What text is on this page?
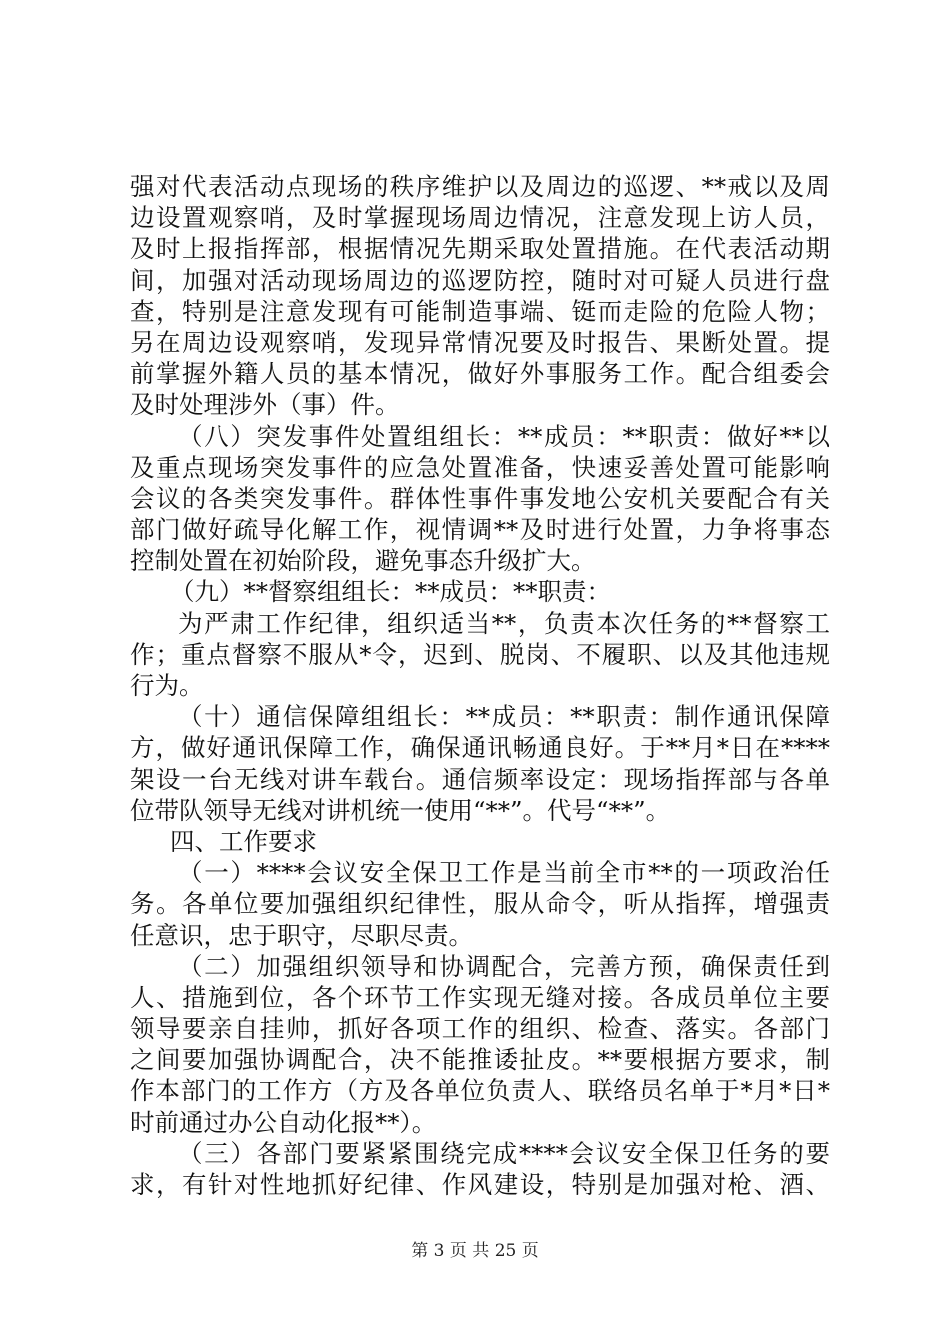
强对代表活动点现场的秩序维护以及周边的巡逻、**戒以及周
边设置观察哨，及时掌握现场周边情况，注意发现上访人员，
及时上报指挥部，根据情况先期采取处置措施。在代表活动期
间，加强对活动现场周边的巡逻防控，随时对可疑人员进行盘
查，特别是注意发现有可能制造事端、铤而走险的危险人物；
另在周边设观察哨，发现异常情况要及时报告、果断处置。提
前掌握外籍人员的基本情况，做好外事服务工作。配合组委会
及时处理涉外（事）件。
（八）突发事件处置组组长：**成员：**职责：做好**以
及重点现场突发事件的应急处置准备，快速妥善处置可能影响
会议的各类突发事件。群体性事件事发地公安机关要配合有关
部门做好疏导化解工作，视情调**及时进行处置，力争将事态
控制处置在初始阶段，避免事态升级扩大。
（九）**督察组组长：**成员：**职责：
为严肃工作纪律，组织适当**，负责本次任务的**督察工
作；重点督察不服从*令，迟到、脱岗、不履职、以及其他违规
行为。
（十）通信保障组组长：**成员：**职责：制作通讯保障
方，做好通讯保障工作，确保通讯畅通良好。于**月*日在****
架设一台无线对讲车载台。通信频率设定：现场指挥部与各单
位带队领导无线对讲机统一使用“**”。代号“**”。
四、工作要求
（一）****会议安全保卫工作是当前全市**的一项政治任
务。各单位要加强组织纪律性，服从命令，听从指挥，增强责
任意识，忠于职守，尽职尽责。
（二）加强组织领导和协调配合，完善方预，确保责任到
人、措施到位，各个环节工作实现无缝对接。各成员单位主要
领导要亲自挂帅，抓好各项工作的组织、检查、落实。各部门
之间要加强协调配合，决不能推诿扯皮。**要根据方要求，制
作本部门的工作方（方及各单位负责人、联络员名单于*月*日*
时前通过办公自动化报**）。
（三）各部门要紧紧围绕完成****会议安全保卫任务的要
求，有针对性地抓好纪律、作风建设，特别是加强对枪、酒、
第 3 页 共 25 页
